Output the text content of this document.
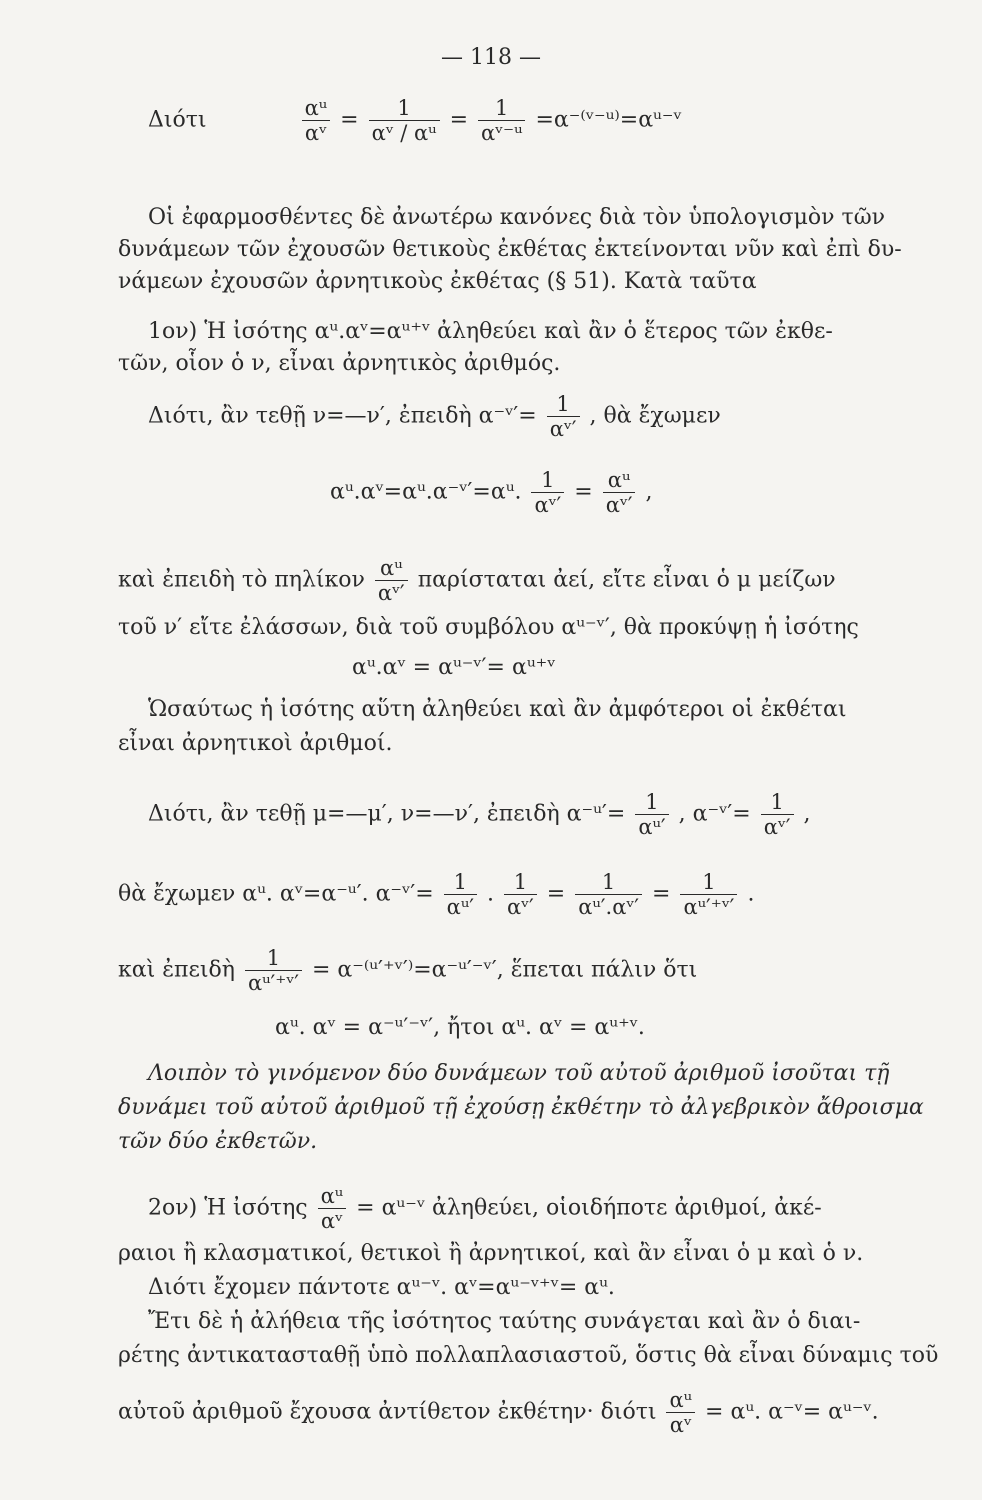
— 118 —
Διότι	$\frac{\text{αᵘ}}{\text{αᵛ}} = \frac{1}{\text{αᵛ / αᵘ}} = \frac{1}{\text{αᵛ⁻ᵘ}}$ =α⁻⁽ᵛ⁻ᵘ⁾=αᵘ⁻ᵛ
Οἱ ἐφαρμοσθέντες δὲ ἀνωτέρω κανόνες διὰ τὸν ὑπολογισμὸν τῶν
δυνάμεων τῶν ἐχουσῶν θετικοὺς ἐκθέτας ἐκτείνονται νῦν καὶ ἐπὶ δυ-
νάμεων ἐχουσῶν ἀρνητικοὺς ἐκθέτας (§ 51). Κατὰ ταῦτα
1ον) Ἡ ἰσότης αᵘ.αᵛ=αᵘ⁺ᵛ ἀληθεύει καὶ ἂν ὁ ἕτερος τῶν ἐκθε-
τῶν, οἷον ὁ ν, εἶναι ἀρνητικὸς ἀριθμός.
Διότι, ἂν τεθῇ ν=—ν′, ἐπειδὴ α⁻ᵛ′= $\frac{1}{\text{αᵛ′}}$ , θὰ ἔχωμεν
αᵘ.αᵛ=αᵘ.α⁻ᵛ′=αᵘ. $\frac{1}{\text{αᵛ′}} = \frac{\text{αᵘ}}{\text{αᵛ′}}$ ,
καὶ ἐπειδὴ τὸ πηλίκον $\frac{\text{αᵘ}}{\text{αᵛ′}}$ παρίσταται ἀεί, εἴτε εἶναι ὁ μ μείζων
τοῦ ν′ εἴτε ἐλάσσων, διὰ τοῦ συμβόλου αᵘ⁻ᵛ′, θὰ προκύψῃ ἡ ἰσότης
αᵘ.αᵛ = αᵘ⁻ᵛ′= αᵘ⁺ᵛ
Ὡσαύτως ἡ ἰσότης αὕτη ἀληθεύει καὶ ἂν ἀμφότεροι οἱ ἐκθέται
εἶναι ἀρνητικοὶ ἀριθμοί.
Διότι, ἂν τεθῇ μ=—μ′, ν=—ν′, ἐπειδὴ α⁻ᵘ′= $\frac{1}{\text{αᵘ′}}$ , α⁻ᵛ′= $\frac{1}{\text{αᵛ′}}$ ,
θὰ ἔχωμεν αᵘ. αᵛ=α⁻ᵘ′. α⁻ᵛ′= $\frac{1}{\text{αᵘ′}}$ . $\frac{1}{\text{αᵛ′}} = \frac{1}{\text{αᵘ′.αᵛ′}} = \frac{1}{\text{αᵘ′⁺ᵛ′}}$ .
καὶ ἐπειδὴ $\frac{1}{\text{αᵘ′⁺ᵛ′}}$ = α⁻⁽ᵘ′⁺ᵛ′⁾=α⁻ᵘ′⁻ᵛ′, ἕπεται πάλιν ὅτι
αᵘ. αᵛ = α⁻ᵘ′⁻ᵛ′, ἤτοι αᵘ. αᵛ = αᵘ⁺ᵛ.
Λοιπὸν τὸ γινόμενον δύο δυνάμεων τοῦ αὐτοῦ ἀριθμοῦ ἰσοῦται τῇ
δυνάμει τοῦ αὐτοῦ ἀριθμοῦ τῇ ἐχούσῃ ἐκθέτην τὸ ἀλγεβρικὸν ἄθροισμα
τῶν δύο ἐκθετῶν.
2ον) Ἡ ἰσότης $\frac{\text{αᵘ}}{\text{αᵛ}}$ = αᵘ⁻ᵛ ἀληθεύει, οἱοιδήποτε ἀριθμοί, ἀκέ-
ραιοι ἢ κλασματικοί, θετικοὶ ἢ ἀρνητικοί, καὶ ἂν εἶναι ὁ μ καὶ ὁ ν.
Διότι ἔχομεν πάντοτε αᵘ⁻ᵛ. αᵛ=αᵘ⁻ᵛ⁺ᵛ= αᵘ.
Ἔτι δὲ ἡ ἀλήθεια τῆς ἰσότητος ταύτης συνάγεται καὶ ἂν ὁ διαι-
ρέτης ἀντικατασταθῇ ὑπὸ πολλαπλασιαστοῦ, ὅστις θὰ εἶναι δύναμις τοῦ
αὐτοῦ ἀριθμοῦ ἔχουσα ἀντίθετον ἐκθέτην· διότι $\frac{\text{αᵘ}}{\text{αᵛ}}$ = αᵘ. α⁻ᵛ= αᵘ⁻ᵛ.
